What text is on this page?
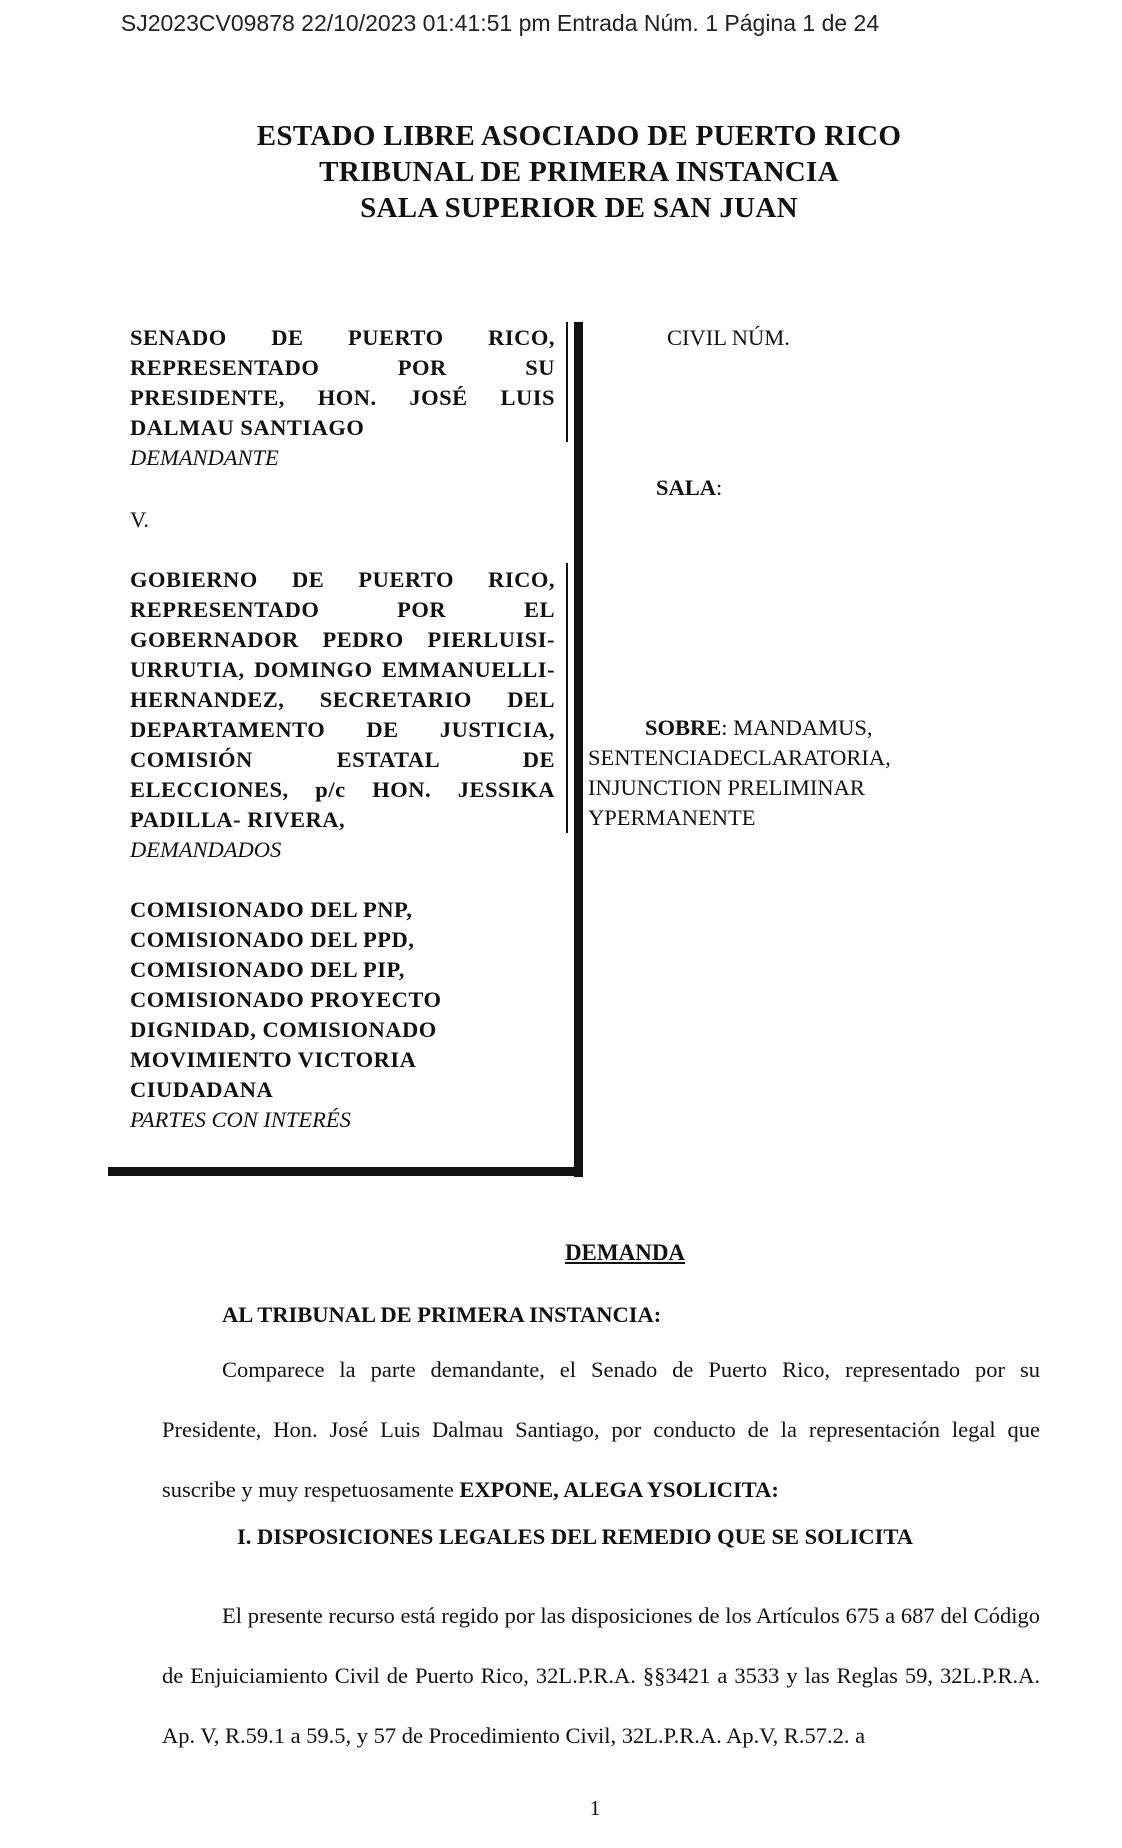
SJ2023CV09878 22/10/2023 01:41:51 pm Entrada Núm. 1 Página 1 de 24
ESTADO LIBRE ASOCIADO DE PUERTO RICO
TRIBUNAL DE PRIMERA INSTANCIA
SALA SUPERIOR DE SAN JUAN
SENADO DE PUERTO RICO,
REPRESENTADO POR SU
PRESIDENTE, HON. JOSÉ LUIS
DALMAU SANTIAGO
DEMANDANTE
V.
GOBIERNO DE PUERTO RICO,
REPRESENTADO POR EL
GOBERNADOR PEDRO PIERLUISI-
URRUTIA, DOMINGO EMMANUELLI-
HERNANDEZ, SECRETARIO DEL
DEPARTAMENTO DE JUSTICIA,
COMISIÓN ESTATAL DE
ELECCIONES, p/c HON. JESSIKA
PADILLA- RIVERA,
DEMANDADOS
COMISIONADO DEL PNP,
COMISIONADO DEL PPD,
COMISIONADO DEL PIP,
COMISIONADO PROYECTO
DIGNIDAD, COMISIONADO
MOVIMIENTO VICTORIA
CIUDADANA
PARTES CON INTERÉS
CIVIL NÚM.
SALA:
SOBRE: MANDAMUS,
SENTENCIADECLARATORIA,
INJUNCTION PRELIMINAR
YPERMANENTE
DEMANDA
AL TRIBUNAL DE PRIMERA INSTANCIA:
Comparece la parte demandante, el Senado de Puerto Rico, representado por su Presidente, Hon. José Luis Dalmau Santiago, por conducto de la representación legal que suscribe y muy respetuosamente EXPONE, ALEGA YSOLICITA:
I. DISPOSICIONES LEGALES DEL REMEDIO QUE SE SOLICITA
El presente recurso está regido por las disposiciones de los Artículos 675 a 687 del Código de Enjuiciamiento Civil de Puerto Rico, 32L.P.R.A. §§3421 a 3533 y las Reglas 59, 32L.P.R.A. Ap. V, R.59.1 a 59.5, y 57 de Procedimiento Civil, 32L.P.R.A. Ap.V, R.57.2. a
1
